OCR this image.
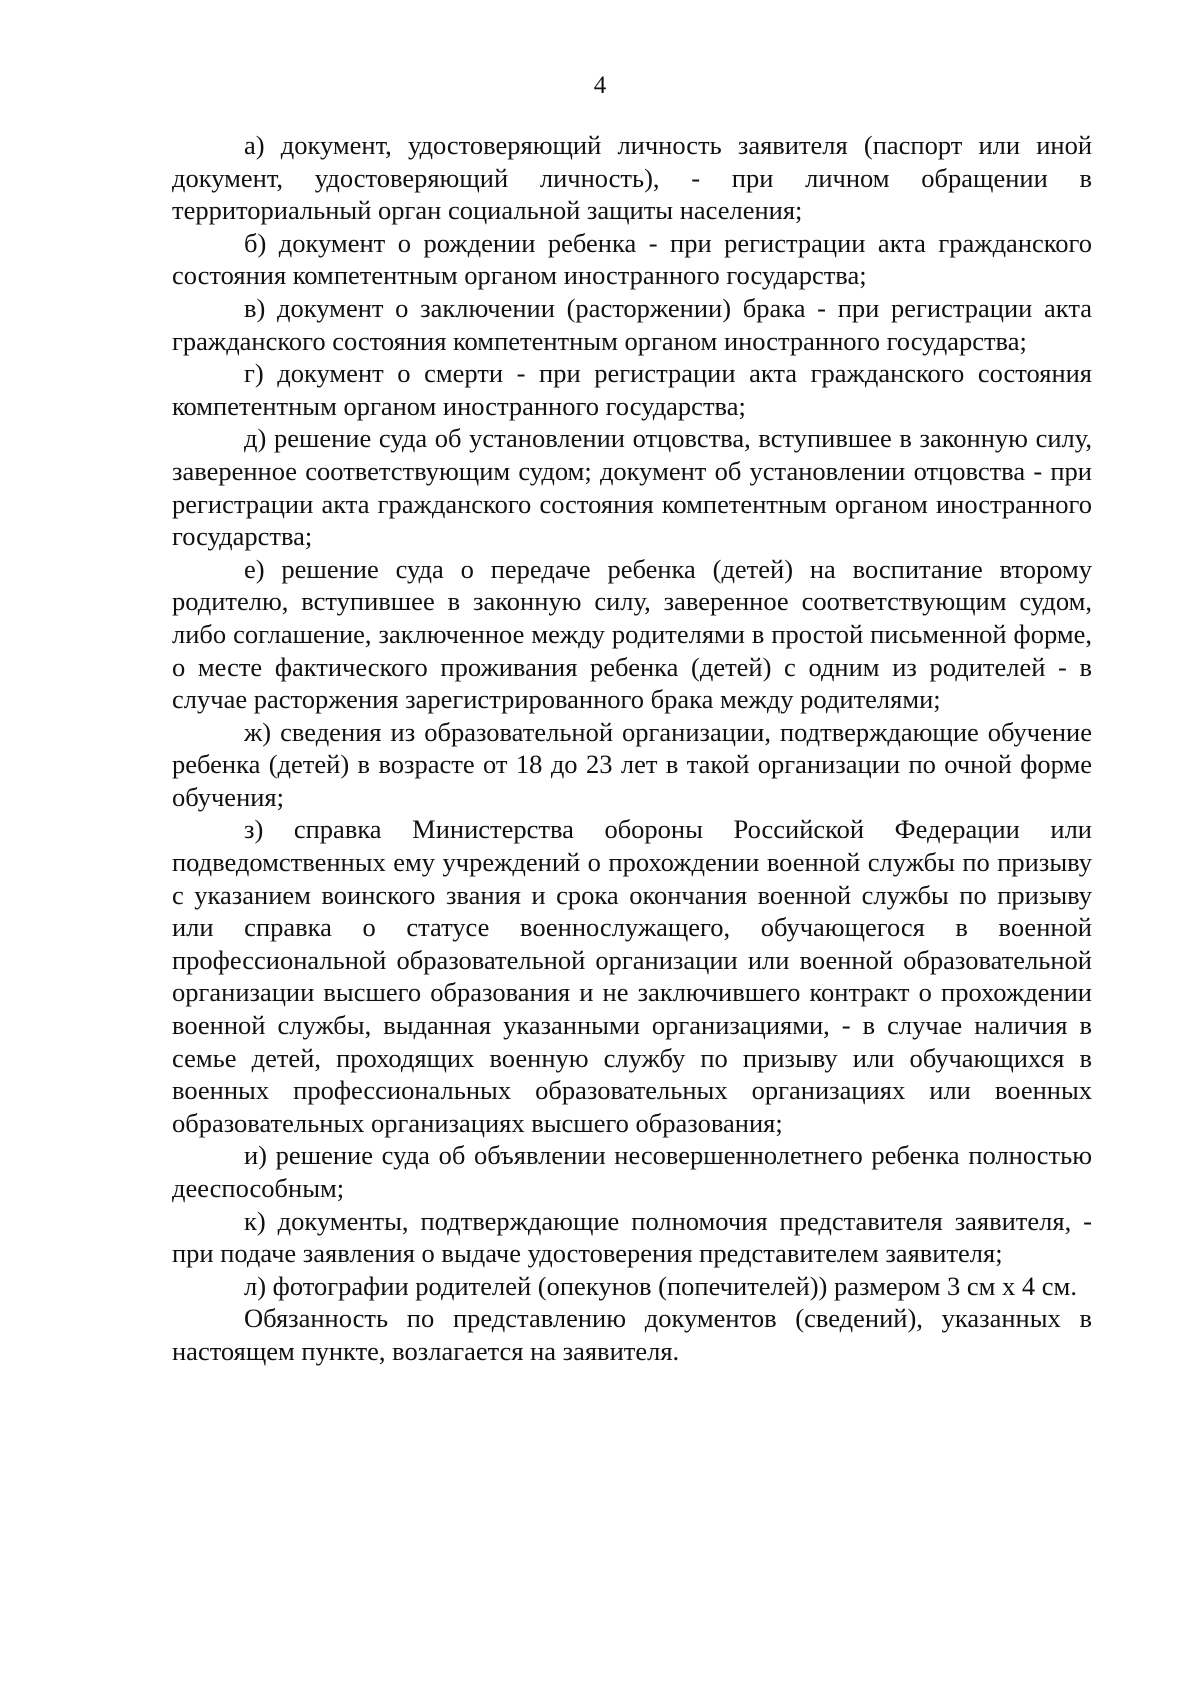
4

а) документ, удостоверяющий личность заявителя (паспорт или иной документ, удостоверяющий личность), - при личном обращении в территориальный орган социальной защиты населения;

б) документ о рождении ребенка - при регистрации акта гражданского состояния компетентным органом иностранного государства;

в) документ о заключении (расторжении) брака - при регистрации акта гражданского состояния компетентным органом иностранного государства;

г) документ о смерти - при регистрации акта гражданского состояния компетентным органом иностранного государства;

д) решение суда об установлении отцовства, вступившее в законную силу, заверенное соответствующим судом; документ об установлении отцовства - при регистрации акта гражданского состояния компетентным органом иностранного государства;

е) решение суда о передаче ребенка (детей) на воспитание второму родителю, вступившее в законную силу, заверенное соответствующим судом, либо соглашение, заключенное между родителями в простой письменной форме, о месте фактического проживания ребенка (детей) с одним из родителей - в случае расторжения зарегистрированного брака между родителями;

ж) сведения из образовательной организации, подтверждающие обучение ребенка (детей) в возрасте от 18 до 23 лет в такой организации по очной форме обучения;

з) справка Министерства обороны Российской Федерации или подведомственных ему учреждений о прохождении военной службы по призыву с указанием воинского звания и срока окончания военной службы по призыву или справка о статусе военнослужащего, обучающегося в военной профессиональной образовательной организации или военной образовательной организации высшего образования и не заключившего контракт о прохождении военной службы, выданная указанными организациями, - в случае наличия в семье детей, проходящих военную службу по призыву или обучающихся в военных профессиональных образовательных организациях или военных образовательных организациях высшего образования;

и) решение суда об объявлении несовершеннолетнего ребенка полностью дееспособным;

к) документы, подтверждающие полномочия представителя заявителя, - при подаче заявления о выдаче удостоверения представителем заявителя;

л) фотографии родителей (опекунов (попечителей)) размером 3 см x 4 см.

Обязанность по представлению документов (сведений), указанных в настоящем пункте, возлагается на заявителя.
